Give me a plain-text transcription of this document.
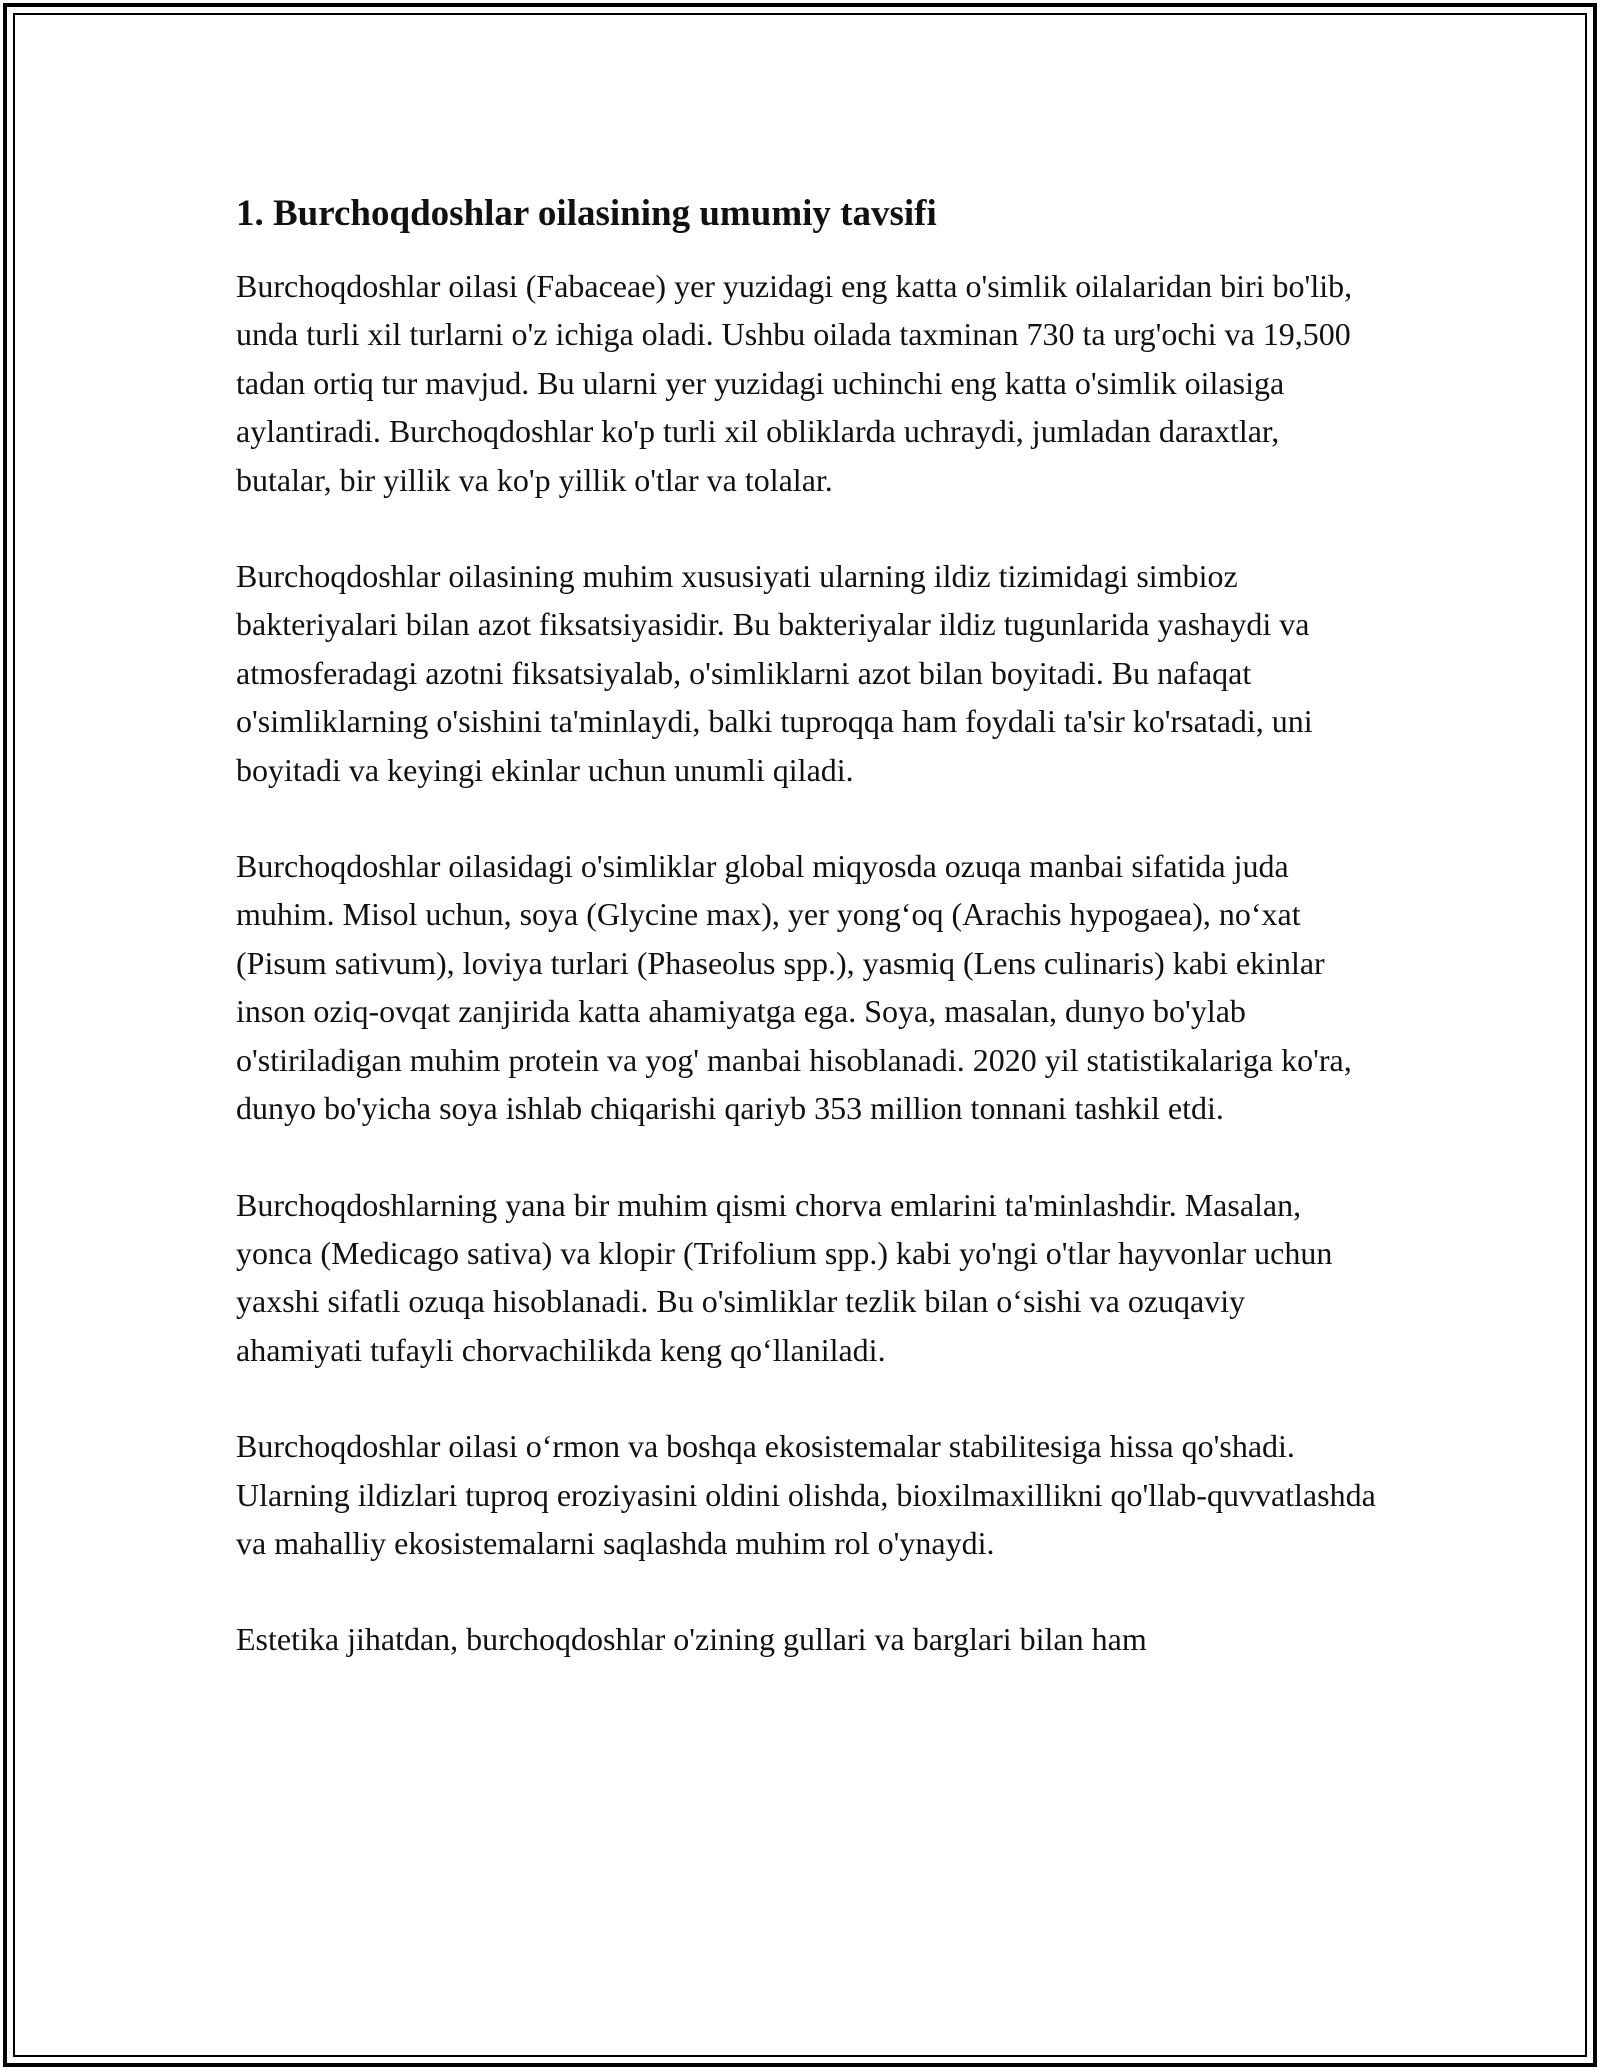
1. Burchoqdoshlar oilasining umumiy tavsifi

Burchoqdoshlar oilasi (Fabaceae) yer yuzidagi eng katta o'simlik oilalaridan biri bo'lib, unda turli xil turlarni o'z ichiga oladi. Ushbu oilada taxminan 730 ta urg'ochi va 19,500 tadan ortiq tur mavjud. Bu ularni yer yuzidagi uchinchi eng katta o'simlik oilasiga aylantiradi. Burchoqdoshlar ko'p turli xil obliklarda uchraydi, jumladan daraxtlar, butalar, bir yillik va ko'p yillik o'tlar va tolalar.

Burchoqdoshlar oilasining muhim xususiyati ularning ildiz tizimidagi simbioz bakteriyalari bilan azot fiksatsiyasidir. Bu bakteriyalar ildiz tugunlarida yashaydi va atmosferadagi azotni fiksatsiyalab, o'simliklarni azot bilan boyitadi. Bu nafaqat o'simliklarning o'sishini ta'minlaydi, balki tuproqqa ham foydali ta'sir ko'rsatadi, uni boyitadi va keyingi ekinlar uchun unumli qiladi.

Burchoqdoshlar oilasidagi o'simliklar global miqyosda ozuqa manbai sifatida juda muhim. Misol uchun, soya (Glycine max), yer yong‘oq (Arachis hypogaea), no‘xat (Pisum sativum), loviya turlari (Phaseolus spp.), yasmiq (Lens culinaris) kabi ekinlar inson oziq-ovqat zanjirida katta ahamiyatga ega. Soya, masalan, dunyo bo'ylab o'stiriladigan muhim protein va yog' manbai hisoblanadi. 2020 yil statistikalariga ko'ra, dunyo bo'yicha soya ishlab chiqarishi qariyb 353 million tonnani tashkil etdi.

Burchoqdoshlarning yana bir muhim qismi chorva emlarini ta'minlashdir. Masalan, yonca (Medicago sativa) va klopir (Trifolium spp.) kabi yo'ngi o'tlar hayvonlar uchun yaxshi sifatli ozuqa hisoblanadi. Bu o'simliklar tezlik bilan o‘sishi va ozuqaviy ahamiyati tufayli chorvachilikda keng qo‘llaniladi.

Burchoqdoshlar oilasi o‘rmon va boshqa ekosistemalar stabilitesiga hissa qo'shadi. Ularning ildizlari tuproq eroziyasini oldini olishda, bioxilmaxillikni qo'llab-quvvatlashda va mahalliy ekosistemalarni saqlashda muhim rol o'ynaydi.

Estetika jihatdan, burchoqdoshlar o'zining gullari va barglari bilan ham
